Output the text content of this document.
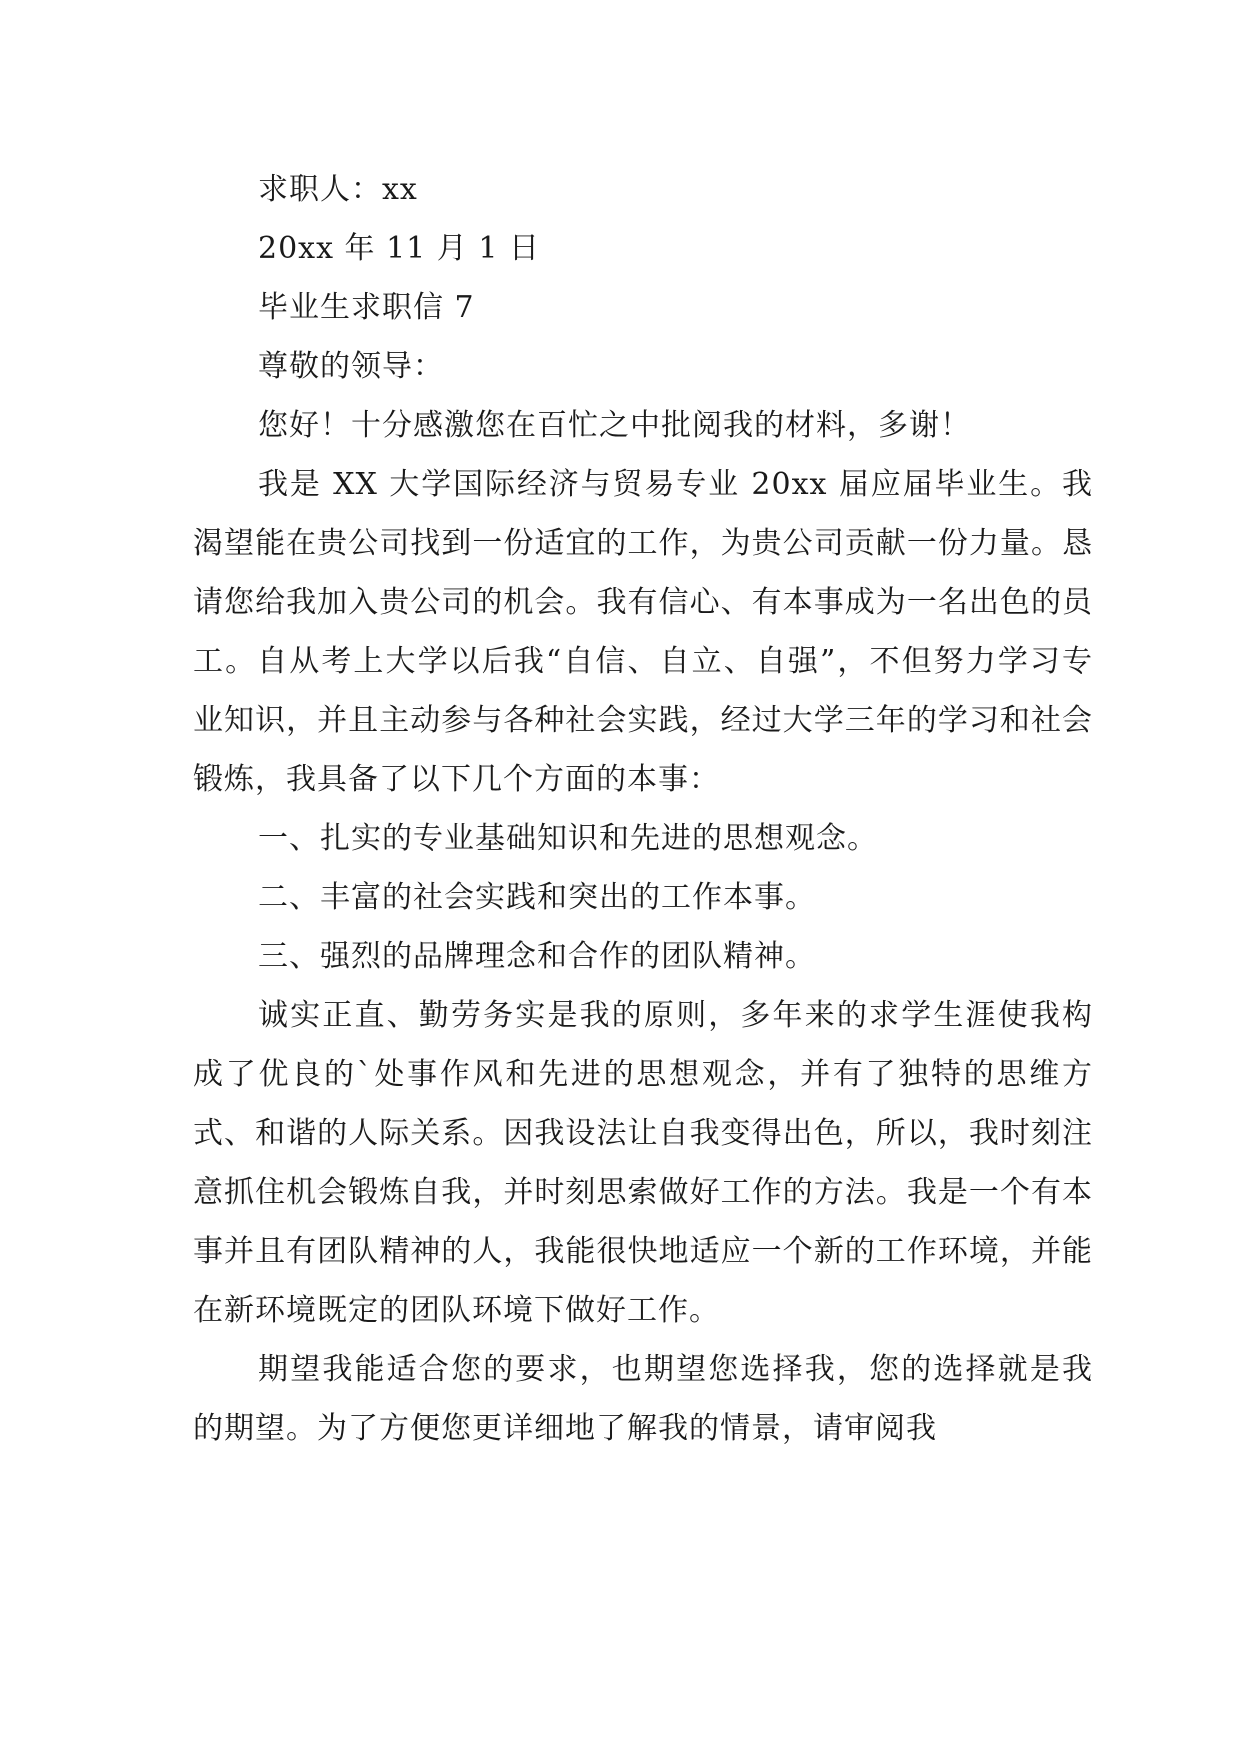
求职人：xx

20xx 年 11 月 1 日

毕业生求职信 7

尊敬的领导：

您好！十分感激您在百忙之中批阅我的材料，多谢！

我是 XX 大学国际经济与贸易专业 20xx 届应届毕业生。我渴望能在贵公司找到一份适宜的工作，为贵公司贡献一份力量。恳请您给我加入贵公司的机会。我有信心、有本事成为一名出色的员工。自从考上大学以后我“自信、自立、自强”，不但努力学习专业知识，并且主动参与各种社会实践，经过大学三年的学习和社会锻炼，我具备了以下几个方面的本事：

一、扎实的专业基础知识和先进的思想观念。

二、丰富的社会实践和突出的工作本事。

三、强烈的品牌理念和合作的团队精神。

诚实正直、勤劳务实是我的原则，多年来的求学生涯使我构成了优良的`处事作风和先进的思想观念，并有了独特的思维方式、和谐的人际关系。因我设法让自我变得出色，所以，我时刻注意抓住机会锻炼自我，并时刻思索做好工作的方法。我是一个有本事并且有团队精神的人，我能很快地适应一个新的工作环境，并能在新环境既定的团队环境下做好工作。

期望我能适合您的要求，也期望您选择我，您的选择就是我的期望。为了方便您更详细地了解我的情景，请审阅我
